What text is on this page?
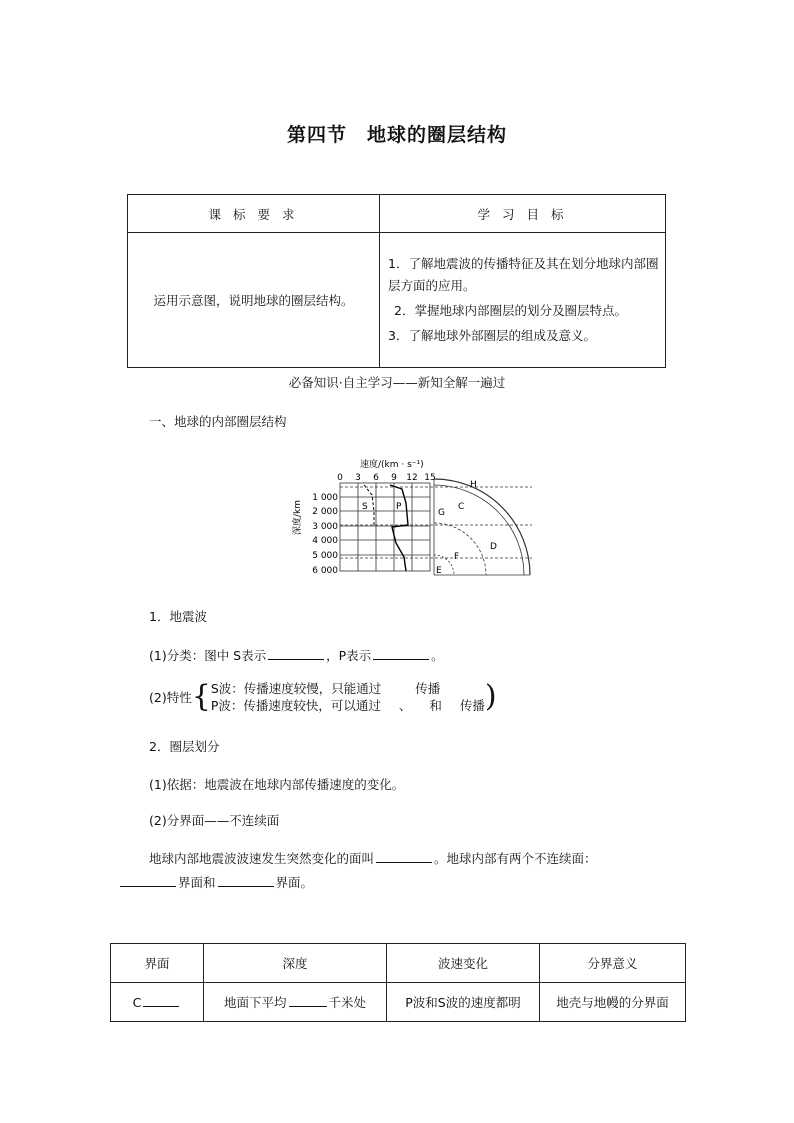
第四节 地球的圈层结构
课 标 要 求	学 习 目 标
运用示意图，说明地球的圈层结构。	1．了解地震波的传播特征及其在划分地球内部圈层方面的应用。

2．掌握地球内部圈层的划分及圈层特点。

3．了解地球外部圈层的组成及意义。

必备知识·自主学习——新知全解一遍过
一、地球的内部圈层结构
速度/(km · s⁻¹)
0 3 6 9 12 15
深度/km
1 000
2 000
3 000
4 000
5 000
6 000
S	P
H
C
G
D
F
E
1．地震波
(1)分类：图中 S表示	，P表示	。
(2)特性 { S波：传播速度较慢，只能通过	传播
P波：传播速度较快，可以通过 、 和 传播 )
2．圈层划分
(1)依据：地震波在地球内部传播速度的变化。
(2)分界面——不连续面
地球内部地震波波速发生突然变化的面叫	。地球内部有两个不连续面：
界面和	界面。
界面	深度	波速变化	分界意义
C	地面下平均 千米处	P波和S波的速度都明	地壳与地幔的分界面
